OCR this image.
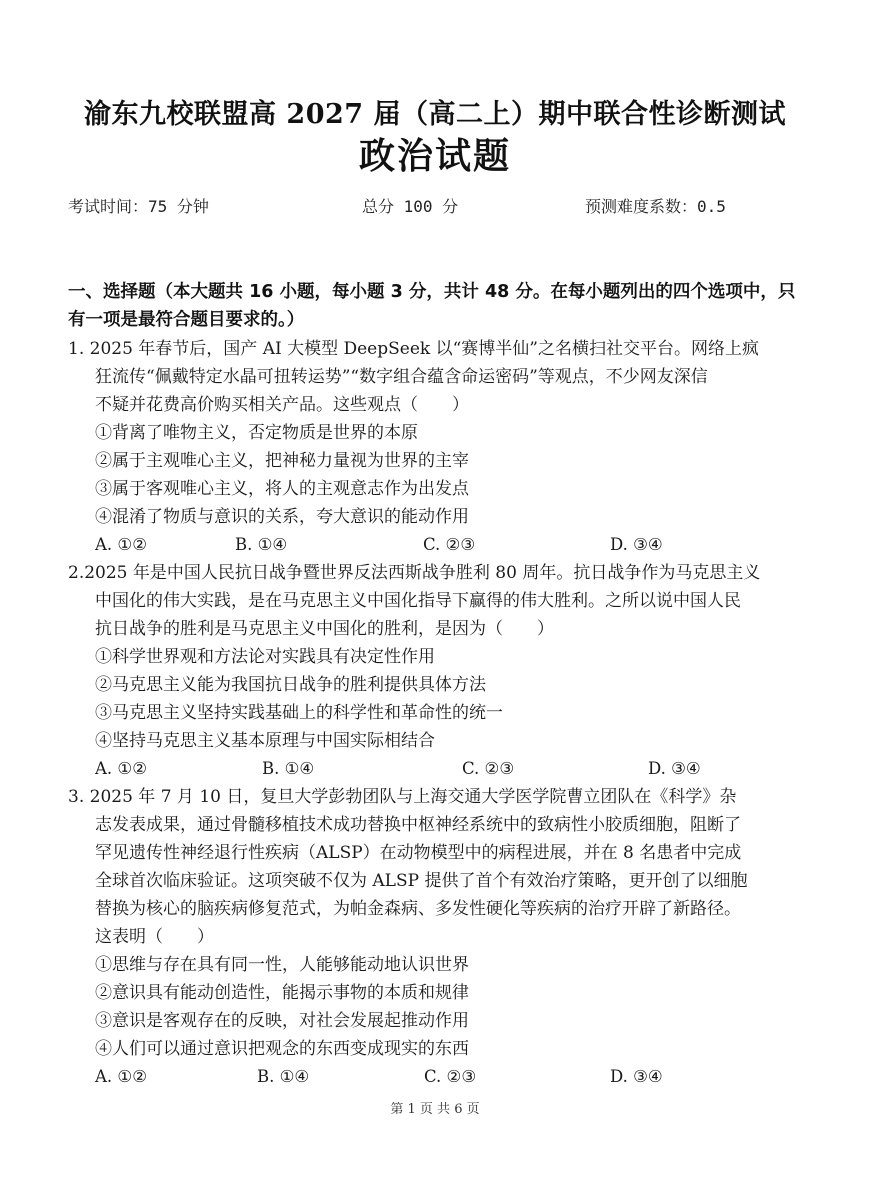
渝东九校联盟高 2027 届（高二上）期中联合性诊断测试
政治试题
考试时间：75 分钟	总分 100 分	预测难度系数：0.5
一、选择题（本大题共 16 小题，每小题 3 分，共计 48 分。在每小题列出的四个选项中，只有一项是最符合题目要求的。）
1. 2025 年春节后，国产 AI 大模型 DeepSeek 以“赛博半仙”之名横扫社交平台。网络上疯
狂流传“佩戴特定水晶可扭转运势”“数字组合蕴含命运密码”等观点，不少网友深信
不疑并花费高价购买相关产品。这些观点（　　）
①背离了唯物主义，否定物质是世界的本原
②属于主观唯心主义，把神秘力量视为世界的主宰
③属于客观唯心主义，将人的主观意志作为出发点
④混淆了物质与意识的关系，夸大意识的能动作用
A. ①②	B. ①④	C. ②③	D. ③④
2.2025 年是中国人民抗日战争暨世界反法西斯战争胜利 80 周年。抗日战争作为马克思主义
中国化的伟大实践，是在马克思主义中国化指导下赢得的伟大胜利。之所以说中国人民
抗日战争的胜利是马克思主义中国化的胜利，是因为（　　）
①科学世界观和方法论对实践具有决定性作用
②马克思主义能为我国抗日战争的胜利提供具体方法
③马克思主义坚持实践基础上的科学性和革命性的统一
④坚持马克思主义基本原理与中国实际相结合
A. ①②	B. ①④	C. ②③	D. ③④
3. 2025 年 7 月 10 日，复旦大学彭勃团队与上海交通大学医学院曹立团队在《科学》杂
志发表成果，通过骨髓移植技术成功替换中枢神经系统中的致病性小胶质细胞，阻断了
罕见遗传性神经退行性疾病（ALSP）在动物模型中的病程进展，并在 8 名患者中完成
全球首次临床验证。这项突破不仅为 ALSP 提供了首个有效治疗策略，更开创了以细胞
替换为核心的脑疾病修复范式，为帕金森病、多发性硬化等疾病的治疗开辟了新路径。
这表明（　　）
①思维与存在具有同一性，人能够能动地认识世界
②意识具有能动创造性，能揭示事物的本质和规律
③意识是客观存在的反映，对社会发展起推动作用
④人们可以通过意识把观念的东西变成现实的东西
A. ①②	B. ①④	C. ②③	D. ③④
第 1 页 共 6 页
